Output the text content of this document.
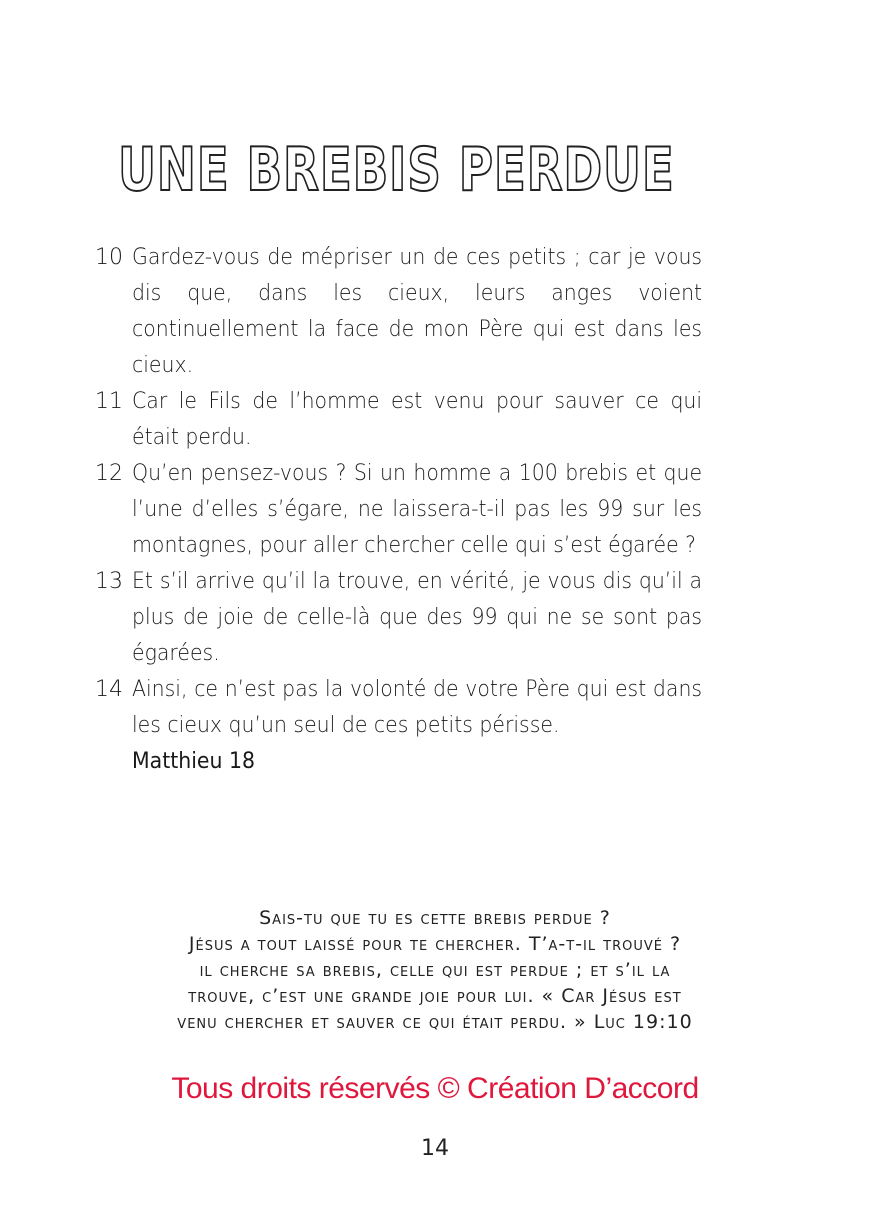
UNE BREBIS PERDUE
10 Gardez-vous de mépriser un de ces petits ; car je vous dis que, dans les cieux, leurs anges voient continuellement la face de mon Père qui est dans les cieux.
11 Car le Fils de l’homme est venu pour sauver ce qui était perdu.
12 Qu’en pensez-vous ? Si un homme a 100 brebis et que l’une d’elles s’égare, ne laissera-t-il pas les 99 sur les montagnes, pour aller chercher celle qui s’est égarée ?
13 Et s’il arrive qu’il la trouve, en vérité, je vous dis qu’il a plus de joie de celle-là que des 99 qui ne se sont pas égarées.
14 Ainsi, ce n’est pas la volonté de votre Père qui est dans les cieux qu’un seul de ces petits périsse.
Matthieu 18
Sais-tu que tu es cette brebis perdue ?
Jésus a tout laissé pour te chercher. T’a-t-il trouvé ?
il cherche sa brebis, celle qui est perdue ; et s’il la
trouve, c’est une grande joie pour lui. « Car Jésus est
venu chercher et sauver ce qui était perdu. » Luc 19:10
Tous droits réservés © Création D’accord
14
